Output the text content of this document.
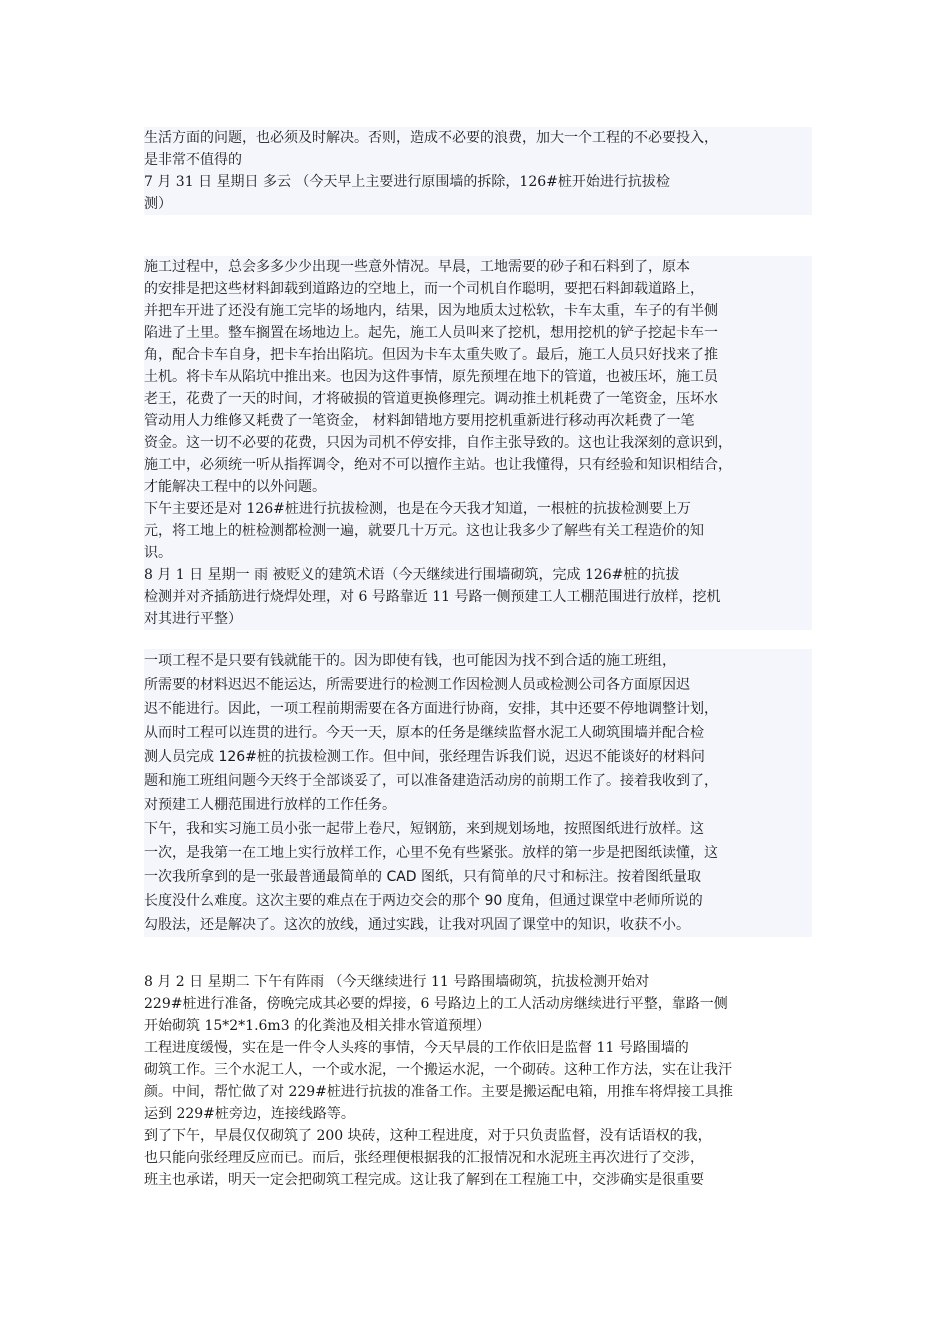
生活方面的问题，也必须及时解决。否则，造成不必要的浪费，加大一个工程的不必要投入，
是非常不值得的
7 月 31 日 星期日 多云 （今天早上主要进行原围墙的拆除，126#桩开始进行抗拔检
测）
施工过程中，总会多多少少出现一些意外情况。早晨，工地需要的砂子和石料到了，原本
的安排是把这些材料卸载到道路边的空地上，而一个司机自作聪明，要把石料卸载道路上，
并把车开进了还没有施工完毕的场地内，结果，因为地质太过松软，卡车太重，车子的有半侧
陷进了土里。整车搁置在场地边上。起先，施工人员叫来了挖机，想用挖机的铲子挖起卡车一
角，配合卡车自身，把卡车抬出陷坑。但因为卡车太重失败了。最后，施工人员只好找来了推
土机。将卡车从陷坑中推出来。也因为这件事情，原先预埋在地下的管道，也被压坏，施工员
老王，花费了一天的时间，才将破损的管道更换修理完。调动推土机耗费了一笔资金，压坏水
管动用人力维修又耗费了一笔资金， 材料卸错地方要用挖机重新进行移动再次耗费了一笔
资金。这一切不必要的花费，只因为司机不停安排，自作主张导致的。这也让我深刻的意识到，
施工中，必须统一听从指挥调令，绝对不可以擅作主站。也让我懂得，只有经验和知识相结合，
才能解决工程中的以外问题。
下午主要还是对 126#桩进行抗拔检测，也是在今天我才知道，一根桩的抗拔检测要上万
元，将工地上的桩检测都检测一遍，就要几十万元。这也让我多少了解些有关工程造价的知
识。
8 月 1 日 星期一 雨 被贬义的建筑术语（今天继续进行围墙砌筑，完成 126#桩的抗拔
检测并对齐插筋进行烧焊处理，对 6 号路靠近 11 号路一侧预建工人工棚范围进行放样，挖机
对其进行平整）
一项工程不是只要有钱就能干的。因为即使有钱，也可能因为找不到合适的施工班组，
所需要的材料迟迟不能运达，所需要进行的检测工作因检测人员或检测公司各方面原因迟
迟不能进行。因此，一项工程前期需要在各方面进行协商，安排，其中还要不停地调整计划，
从而时工程可以连贯的进行。今天一天，原本的任务是继续监督水泥工人砌筑围墙并配合检
测人员完成 126#桩的抗拔检测工作。但中间，张经理告诉我们说，迟迟不能谈好的材料问
题和施工班组问题今天终于全部谈妥了，可以准备建造活动房的前期工作了。接着我收到了，
对预建工人棚范围进行放样的工作任务。
下午，我和实习施工员小张一起带上卷尺，短钢筋，来到规划场地，按照图纸进行放样。这
一次，是我第一在工地上实行放样工作，心里不免有些紧张。放样的第一步是把图纸读懂，这
一次我所拿到的是一张最普通最简单的 CAD 图纸，只有简单的尺寸和标注。按着图纸量取
长度没什么难度。这次主要的难点在于两边交会的那个 90 度角，但通过课堂中老师所说的
勾股法，还是解决了。这次的放线，通过实践，让我对巩固了课堂中的知识，收获不小。
8 月 2 日 星期二 下午有阵雨 （今天继续进行 11 号路围墙砌筑，抗拔检测开始对
229#桩进行准备，傍晚完成其必要的焊接，6 号路边上的工人活动房继续进行平整，靠路一侧
开始砌筑 15*2*1.6m3 的化粪池及相关排水管道预埋）
工程进度缓慢，实在是一件令人头疼的事情，今天早晨的工作依旧是监督 11 号路围墙的
砌筑工作。三个水泥工人，一个或水泥，一个搬运水泥，一个砌砖。这种工作方法，实在让我汗
颜。中间，帮忙做了对 229#桩进行抗拔的准备工作。主要是搬运配电箱，用推车将焊接工具推
运到 229#桩旁边，连接线路等。
到了下午，早晨仅仅砌筑了 200 块砖，这种工程进度，对于只负责监督，没有话语权的我，
也只能向张经理反应而已。而后，张经理便根据我的汇报情况和水泥班主再次进行了交涉，
班主也承诺，明天一定会把砌筑工程完成。这让我了解到在工程施工中，交涉确实是很重要
